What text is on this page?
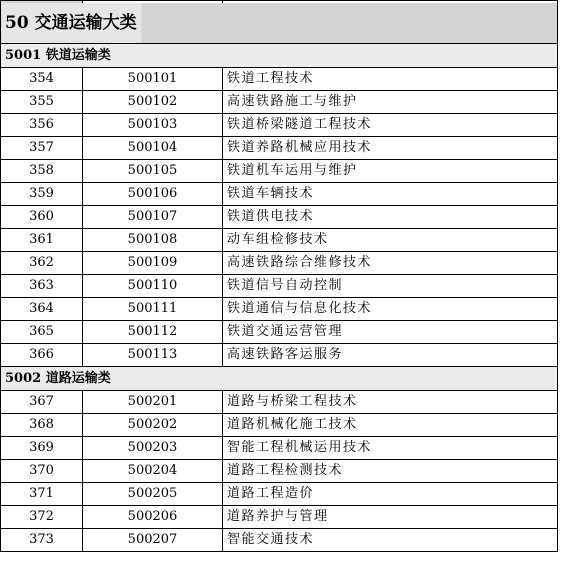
50 交通运输大类		
5001 铁道运输类		
354	500101	铁道工程技术
355	500102	高速铁路施工与维护
356	500103	铁道桥梁隧道工程技术
357	500104	铁道养路机械应用技术
358	500105	铁道机车运用与维护
359	500106	铁道车辆技术
360	500107	铁道供电技术
361	500108	动车组检修技术
362	500109	高速铁路综合维修技术
363	500110	铁道信号自动控制
364	500111	铁道通信与信息化技术
365	500112	铁道交通运营管理
366	500113	高速铁路客运服务
5002 道路运输类		
367	500201	道路与桥梁工程技术
368	500202	道路机械化施工技术
369	500203	智能工程机械运用技术
370	500204	道路工程检测技术
371	500205	道路工程造价
372	500206	道路养护与管理
373	500207	智能交通技术
